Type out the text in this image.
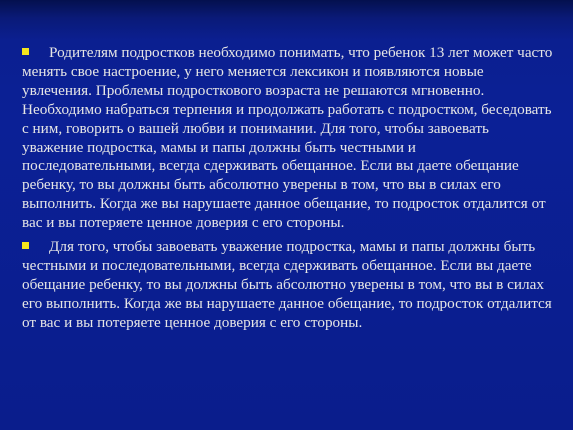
Родителям подростков необходимо понимать, что ребенок 13 лет может часто менять свое настроение, у него меняется лексикон и появляются новые увлечения. Проблемы подросткового возраста не решаются мгновенно. Необходимо набраться терпения и продолжать работать с подростком, беседовать с ним, говорить о вашей любви и понимании. Для того, чтобы завоевать уважение подростка, мамы и папы должны быть честными и последовательными, всегда сдерживать обещанное. Если вы даете обещание ребенку, то вы должны быть абсолютно уверены в том, что вы в силах его выполнить. Когда же вы нарушаете данное обещание, то подросток отдалится от вас и вы потеряете ценное доверия с его стороны.

Для того, чтобы завоевать уважение подростка, мамы и папы должны быть честными и последовательными, всегда сдерживать обещанное. Если вы даете обещание ребенку, то вы должны быть абсолютно уверены в том, что вы в силах его выполнить. Когда же вы нарушаете данное обещание, то подросток отдалится от вас и вы потеряете ценное доверия с его стороны.
